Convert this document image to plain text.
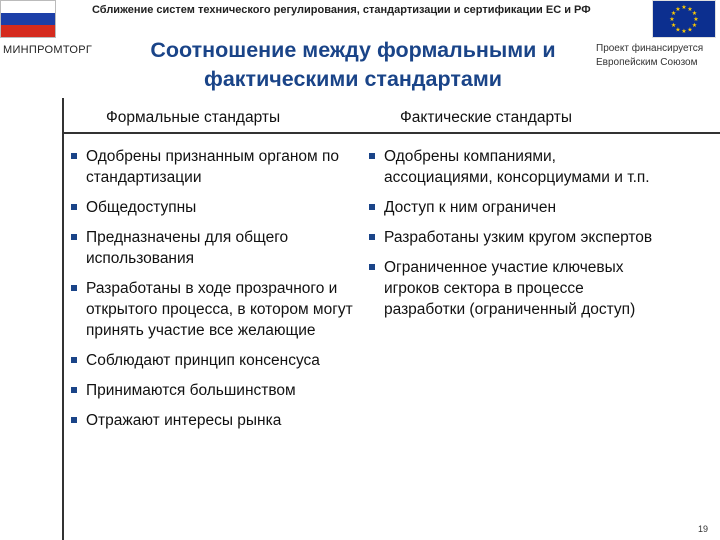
Сближение систем технического регулирования, стандартизации и сертификации ЕС и РФ
МИНПРОМТОРГ	Соотношение между формальными и
фактическими стандартами
Проект финансируется
Европейским Союзом
★
★
★
★
★
★
★
★
★ ★ ★
★
Формальные стандарты	Фактические стандарты
Одобрены признанным органом по стандартизации
Общедоступны
Предназначены для общего использования
Разработаны в ходе прозрачного и открытого процесса, в котором могут принять участие все желающие
Соблюдают принцип консенсуса
Принимаются большинством
Отражают интересы рынка
Одобрены компаниями, ассоциациями, консорциумами и т.п.
Доступ к ним ограничен
Разработаны узким кругом экспертов
Ограниченное участие ключевых игроков сектора в процессе разработки (ограниченный доступ)
19
